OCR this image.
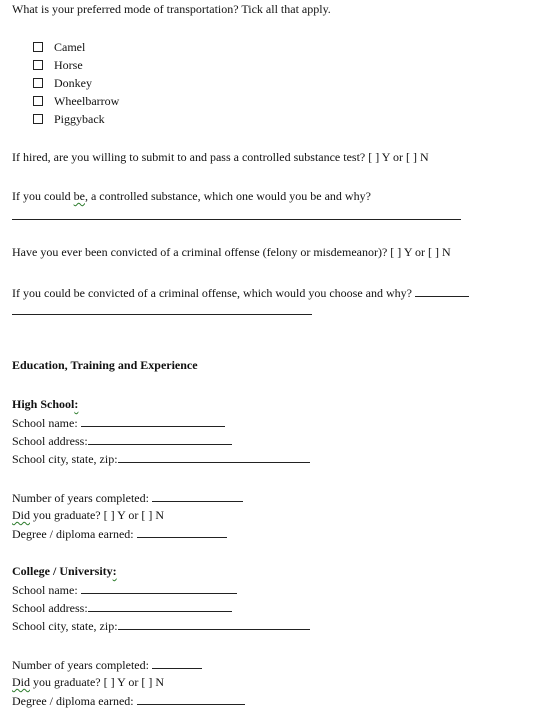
What is your preferred mode of transportation? Tick all that apply.
Camel
Horse
Donkey
Wheelbarrow
Piggyback
If hired, are you willing to submit to and pass a controlled substance test? [ ] Y or [ ] N
If you could be, a controlled substance, which one would you be and why?
Have you ever been convicted of a criminal offense (felony or misdemeanor)? [ ] Y or [ ] N
If you could be convicted of a criminal offense, which would you choose and why?
Education, Training and Experience
High School:
School name:
School address:
School city, state, zip:
Number of years completed:
Did you graduate? [ ] Y or [ ] N
Degree / diploma earned:
College / University:
School name:
School address:
School city, state, zip:
Number of years completed:
Did you graduate? [ ] Y or [ ] N
Degree / diploma earned:
